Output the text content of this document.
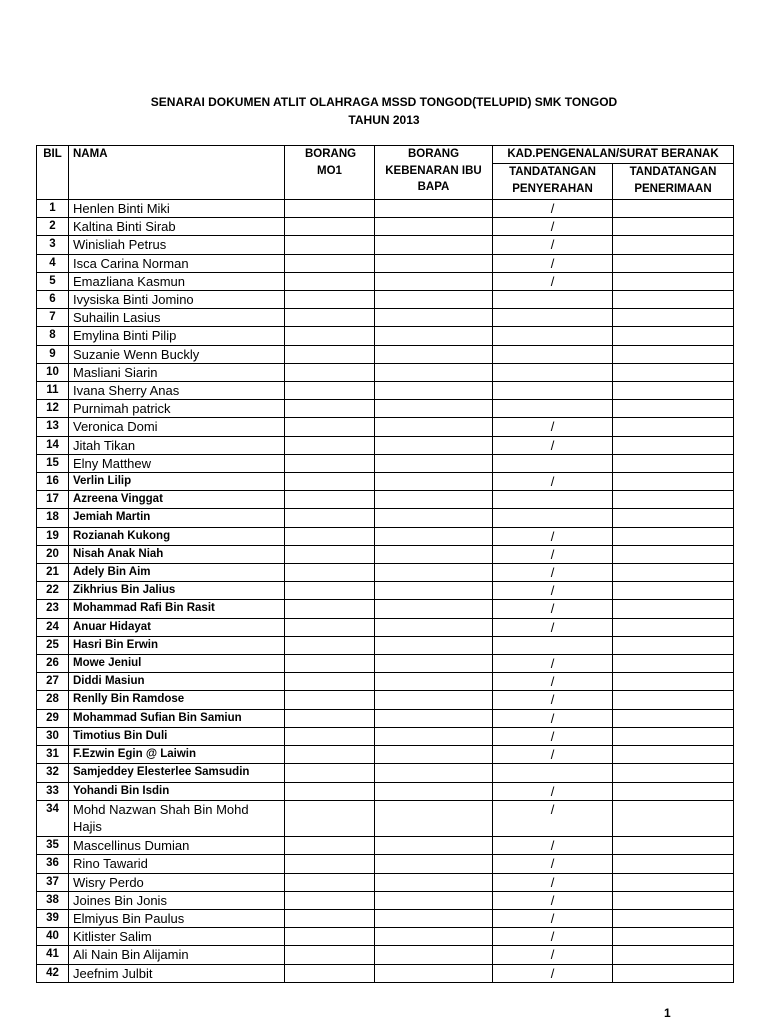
SENARAI DOKUMEN ATLIT OLAHRAGA MSSD TONGOD(TELUPID) SMK TONGOD
TAHUN 2013
BIL	NAMA	BORANG MO1	BORANG KEBENARAN IBU BAPA	KAD.PENGENALAN/SURAT BERANAK	
				TANDATANGAN PENYERAHAN	TANDATANGAN PENERIMAAN
1	Henlen Binti Miki			/	
2	Kaltina Binti Sirab			/	
3	Winisliah Petrus			/	
4	Isca Carina Norman			/	
5	Emazliana Kasmun			/	
6	Ivysiska Binti Jomino				
7	Suhailin Lasius				
8	Emylina Binti Pilip				
9	Suzanie Wenn Buckly				
10	Masliani Siarin				
11	Ivana Sherry Anas				
12	Purnimah patrick				
13	Veronica Domi			/	
14	Jitah Tikan			/	
15	Elny Matthew				
16	Verlin Lilip			/	
17	Azreena Vinggat				
18	Jemiah Martin				
19	Rozianah Kukong			/	
20	Nisah Anak Niah			/	
21	Adely Bin Aim			/	
22	Zikhrius Bin Jalius			/	
23	Mohammad Rafi Bin Rasit			/	
24	Anuar Hidayat			/	
25	Hasri Bin Erwin				
26	Mowe Jeniul			/	
27	Diddi Masiun			/	
28	Renlly Bin Ramdose			/	
29	Mohammad Sufian Bin Samiun			/	
30	Timotius Bin Duli			/	
31	F.Ezwin Egin @ Laiwin			/	
32	Samjeddey Elesterlee Samsudin				
33	Yohandi Bin Isdin			/	
34	Mohd Nazwan Shah Bin Mohd Hajis			/	
35	Mascellinus Dumian			/	
36	Rino Tawarid			/	
37	Wisry Perdo			/	
38	Joines Bin Jonis			/	
39	Elmiyus Bin Paulus			/	
40	Kitlister Salim			/	
41	Ali Nain Bin Alijamin			/	
42	Jeefnim Julbit			/	
1
